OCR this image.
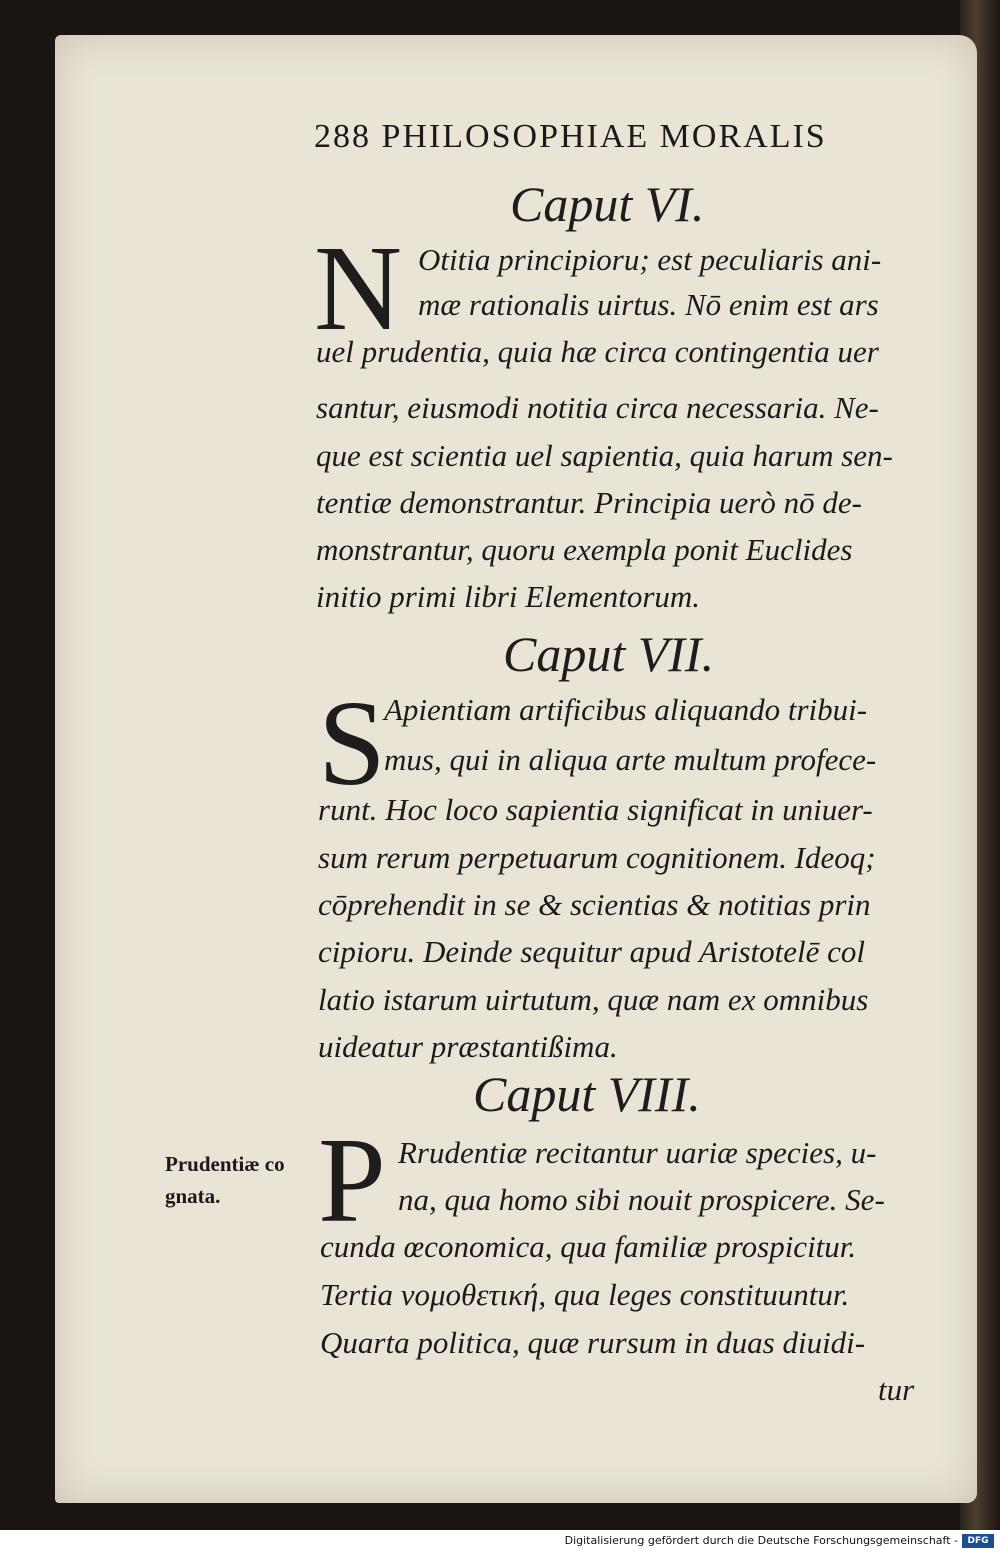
288 PHILOSOPHIAE MORALIS
Caput VI.
N Otitia principioru; est peculiaris ani-
mæ rationalis uirtus. Nō enim est ars
uel prudentia, quia hæ circa contingentia uer
santur, eiusmodi notitia circa necessaria. Ne-
que est scientia uel sapientia, quia harum sen-
tentiæ demonstrantur. Principia uerò nō de-
monstrantur, quoru exempla ponit Euclides
initio primi libri Elementorum.
Caput VII.
S
Apientiam artificibus aliquando tribui-
mus, qui in aliqua arte multum profece-
runt. Hoc loco sapientia significat in uniuer-
sum rerum perpetuarum cognitionem. Ideoq;
cōprehendit in se & scientias & notitias prin
cipioru. Deinde sequitur apud Aristotelē col
latio istarum uirtutum, quæ nam ex omnibus
uideatur præstantißima.
Caput VIII.
P Rrudentiæ recitantur uariæ species, u-
na, qua homo sibi nouit prospicere. Se-
cunda œconomica, qua familiæ prospicitur.
Tertia νομοθετική, qua leges constituuntur.
Quarta politica, quæ rursum in duas diuidi-
tur
Prudentiæ co
gnata.
Digitalisierung gefördert durch die Deutsche Forschungsgemeinschaft -	DFG
